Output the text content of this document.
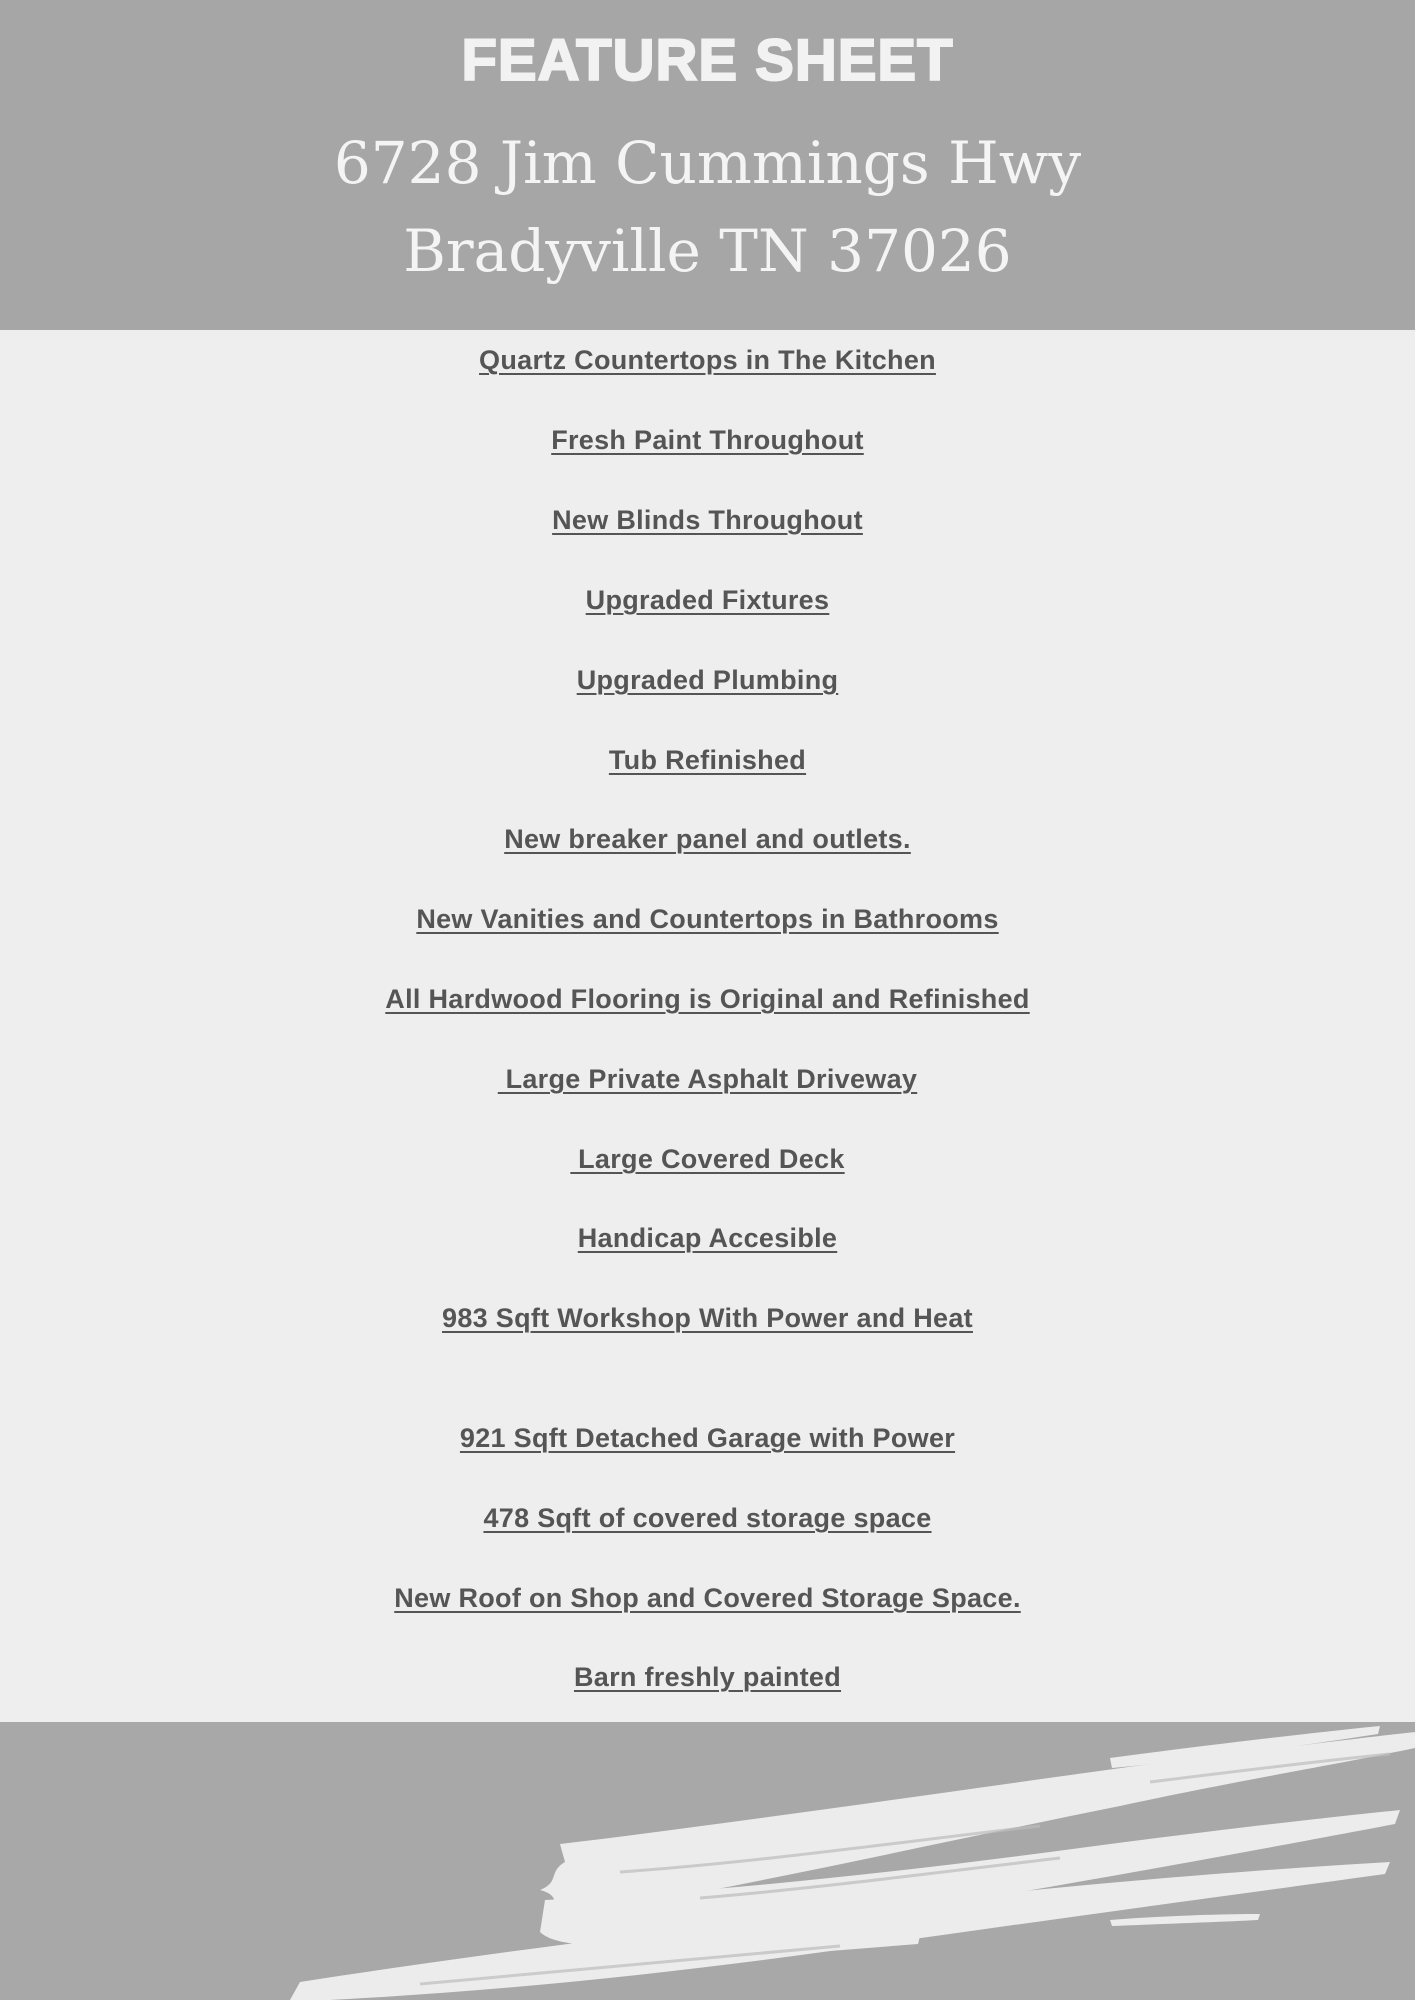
FEATURE SHEET

6728 Jim Cummings Hwy

Bradyville TN 37026

Quartz Countertops in The Kitchen

Fresh Paint Throughout

New Blinds Throughout

Upgraded Fixtures

Upgraded Plumbing

Tub Refinished

New breaker panel and outlets.

New Vanities and Countertops in Bathrooms

All Hardwood Flooring is Original and Refinished

Large Private Asphalt Driveway

Large Covered Deck

Handicap Accesible

983 Sqft Workshop With Power and Heat

921 Sqft Detached Garage with Power

478 Sqft of covered storage space

New Roof on Shop and Covered Storage Space.

Barn freshly painted
